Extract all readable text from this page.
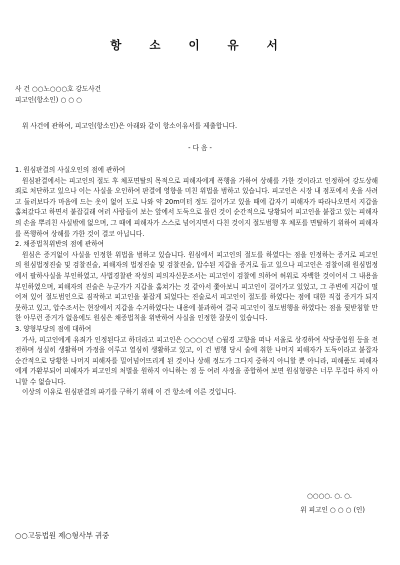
항 소 이 유 서
사 건 ○○노○○○호 강도사건
피고인(항소인) ○ ○ ○
위 사건에 관하여, 피고인(항소인)은 아래와 같이 항소이유서를 제출합니다.
- 다 음 -

1. 원심판결의 사실오인의 점에 관하여

원심판결에서는 피고인의 절도 후 체포면탈의 목적으로 피해자에게 폭행을 가하여 상해를 가한 것이라고 인정하여 강도상해죄로 처단하고 있으나 이는 사실을 오인하여 판결에 영향을 미친 위법을 범하고 있습니다. 피고인은 시장 내 점포에서 옷을 사려고 둘러보다가 마음에 드는 옷이 없어 도로 나와 약 20m미터 정도 걸어가고 있을 때에 갑자기 피해자가 따라나오면서 지갑을 훔쳐갔다고 하면서 붙잡길래 여러 사람들이 보는 앞에서 도둑으로 몰린 것이 순간적으로 당황되어 피고인을 붙잡고 있는 피해자의 손을 뿌리친 사실밖에 없으며, 그 때에 피해자가 스스로 넘어지면서 다친 것이지 절도범행 후 체포를 면탈하기 위하여 피해자를 폭행하여 상해를 가한 것이 결코 아닙니다.

2. 채증법칙위반의 점에 관하여

원심은 증거없이 사실을 인정한 위법을 범하고 있습니다. 원심에서 피고인의 절도를 하였다는 점을 인정하는 증거로 피고인의 원심법정진술 및 검찰진술, 피해자의 법정진술 및 검찰진술, 압수된 지갑을 증거로 들고 있으나 피고인은 검찰이래 원심법정에서 팔하사실을 부인하였고, 사법경찰관 작성의 피의자신문조서는 피고인이 검찰에 의하여 허위로 자백한 것이어서 그 내용을 부인하였으며, 피해자의 진술은 누군가가 지갑을 훔쳐가는 것 같아서 쫓아보니 피고인이 걸어가고 있었고, 그 주변에 지갑이 떨어져 있어 절도범인으로 짐작하고 피고인을 붙잡게 되었다는 진술로서 피고인이 절도를 하였다는 점에 대한 직접 증거가 되지 못하고 있고, 압수조서는 현장에서 지갑을 수거하였다는 내용에 불과하여 결국 피고인이 절도범행을 하였다는 점을 뒷받침할 만한 아무런 증거가 없음에도 원심은 채증법칙을 위반하여 사실을 인정한 잘못이 있습니다.

3. 양형부당의 점에 대하여

가사, 피고인에게 유죄가 인정된다고 하더라고 피고인은 ○○○○년 ○월경 고향을 떠나 서울로 상경하여 삭당종업원 등을 전전하며 성실히 생활하며 가정을 이루고 열심히 생활하고 있고, 이 건 범행 당시 술에 취한 나머지 피해자가 도둑이라고 붙잡자 순간적으로 당황한 나머지 피해자를 밀어넘어뜨리게 된 것이나 상해 정도가 그다지 중하지 아니할 뿐 아니라, 피해품도 피해자에게 가환부되어 피해자가 피고인의 처벌을 원하지 아니하는 점 등 여러 사정을 종합하여 보면 원심형량은 너무 무겁다 하지 아니할 수 없습니다.

이상의 이유로 원심판결의 파기를 구하기 위해 이 건 항소에 이른 것입니다.

○○○○. ○. ○.
위 피고인 ○ ○ ○ (인)
○○고등법원 제○형사부 귀중
